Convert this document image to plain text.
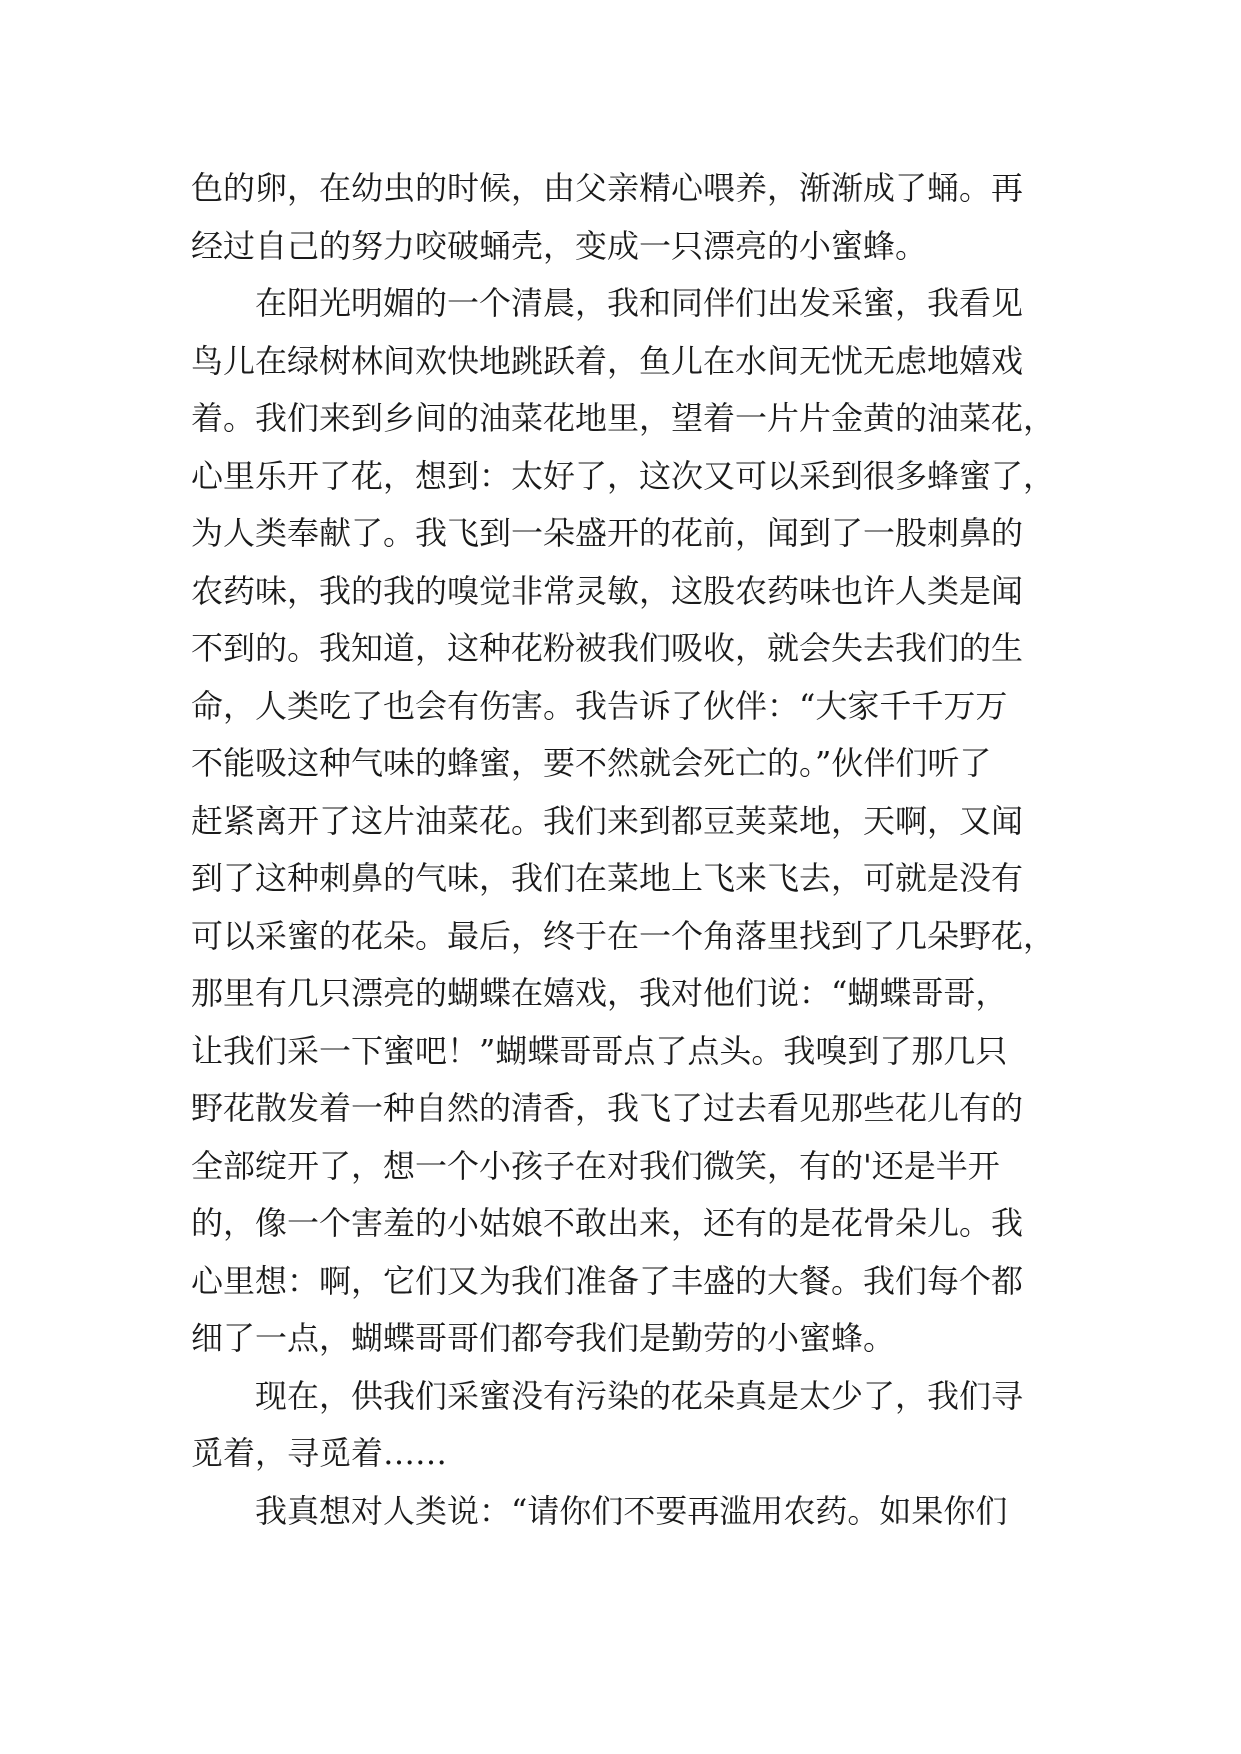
色的卵，在幼虫的时候，由父亲精心喂养，渐渐成了蛹。再
经过自己的努力咬破蛹壳，变成一只漂亮的小蜜蜂。
在阳光明媚的一个清晨，我和同伴们出发采蜜，我看见
鸟儿在绿树林间欢快地跳跃着，鱼儿在水间无忧无虑地嬉戏
着。我们来到乡间的油菜花地里，望着一片片金黄的油菜花，
心里乐开了花，想到：太好了，这次又可以采到很多蜂蜜了，
为人类奉献了。我飞到一朵盛开的花前，闻到了一股刺鼻的
农药味，我的我的嗅觉非常灵敏，这股农药味也许人类是闻
不到的。我知道，这种花粉被我们吸收，就会失去我们的生
命，人类吃了也会有伤害。我告诉了伙伴：“大家千千万万
不能吸这种气味的蜂蜜，要不然就会死亡的。”伙伴们听了
赶紧离开了这片油菜花。我们来到都豆荚菜地，天啊，又闻
到了这种刺鼻的气味，我们在菜地上飞来飞去，可就是没有
可以采蜜的花朵。最后，终于在一个角落里找到了几朵野花，
那里有几只漂亮的蝴蝶在嬉戏，我对他们说：“蝴蝶哥哥，
让我们采一下蜜吧！”蝴蝶哥哥点了点头。我嗅到了那几只
野花散发着一种自然的清香，我飞了过去看见那些花儿有的
全部绽开了，想一个小孩子在对我们微笑，有的'还是半开
的，像一个害羞的小姑娘不敢出来，还有的是花骨朵儿。我
心里想：啊，它们又为我们准备了丰盛的大餐。我们每个都
细了一点，蝴蝶哥哥们都夸我们是勤劳的小蜜蜂。
现在，供我们采蜜没有污染的花朵真是太少了，我们寻
觅着，寻觅着……
我真想对人类说：“请你们不要再滥用农药。如果你们
